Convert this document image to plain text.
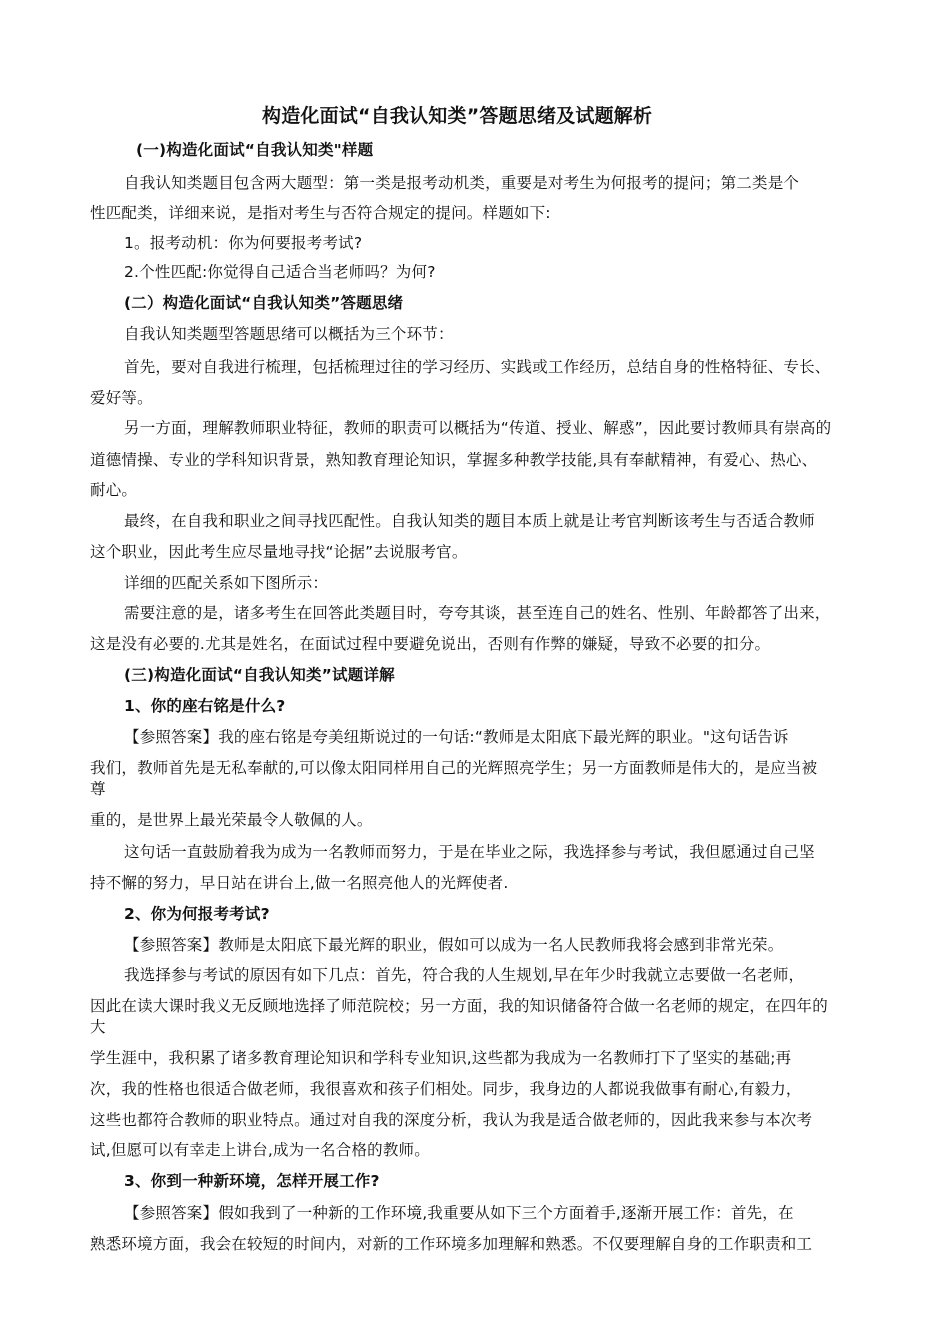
构造化面试“自我认知类”答题思绪及试题解析
(一)构造化面试“自我认知类"样题
自我认知类题目包含两大题型：第一类是报考动机类，重要是对考生为何报考的提问；第二类是个
性匹配类，详细来说，是指对考生与否符合规定的提问。样题如下:
1。报考动机：你为何要报考考试?
2.个性匹配:你觉得自己适合当老师吗？为何?
(二）构造化面试“自我认知类”答题思绪
自我认知类题型答题思绪可以概括为三个环节：
首先，要对自我进行梳理，包括梳理过往的学习经历、实践或工作经历，总结自身的性格特征、专长、
爱好等。
另一方面，理解教师职业特征，教师的职责可以概括为“传道、授业、解惑”，因此要讨教师具有崇高的
道德情操、专业的学科知识背景，熟知教育理论知识，掌握多种教学技能,具有奉献精神，有爱心、热心、
耐心。
最终，在自我和职业之间寻找匹配性。自我认知类的题目本质上就是让考官判断该考生与否适合教师
这个职业，因此考生应尽量地寻找“论据”去说服考官。
详细的匹配关系如下图所示：
需要注意的是，诸多考生在回答此类题目时，夸夸其谈，甚至连自己的姓名、性别、年龄都答了出来，
这是没有必要的.尤其是姓名，在面试过程中要避免说出，否则有作弊的嫌疑，导致不必要的扣分。
(三)构造化面试“自我认知类”试题详解
1、你的座右铭是什么?
【参照答案】我的座右铭是夸美纽斯说过的一句话:“教师是太阳底下最光辉的职业。"这句话告诉
我们，教师首先是无私奉献的,可以像太阳同样用自己的光辉照亮学生；另一方面教师是伟大的，是应当被
尊
重的，是世界上最光荣最令人敬佩的人。
这句话一直鼓励着我为成为一名教师而努力，于是在毕业之际，我选择参与考试，我但愿通过自己坚
持不懈的努力，早日站在讲台上,做一名照亮他人的光辉使者.
2、你为何报考考试?
【参照答案】教师是太阳底下最光辉的职业，假如可以成为一名人民教师我将会感到非常光荣。
我选择参与考试的原因有如下几点：首先，符合我的人生规划,早在年少时我就立志要做一名老师，
因此在读大课时我义无反顾地选择了师范院校；另一方面，我的知识储备符合做一名老师的规定，在四年的
大
学生涯中，我积累了诸多教育理论知识和学科专业知识,这些都为我成为一名教师打下了坚实的基础;再
次，我的性格也很适合做老师，我很喜欢和孩子们相处。同步，我身边的人都说我做事有耐心,有毅力，
这些也都符合教师的职业特点。通过对自我的深度分析，我认为我是适合做老师的，因此我来参与本次考
试,但愿可以有幸走上讲台,成为一名合格的教师。
3、你到一种新环境，怎样开展工作?
【参照答案】假如我到了一种新的工作环境,我重要从如下三个方面着手,逐渐开展工作：首先，在
熟悉环境方面，我会在较短的时间内，对新的工作环境多加理解和熟悉。不仅要理解自身的工作职责和工
